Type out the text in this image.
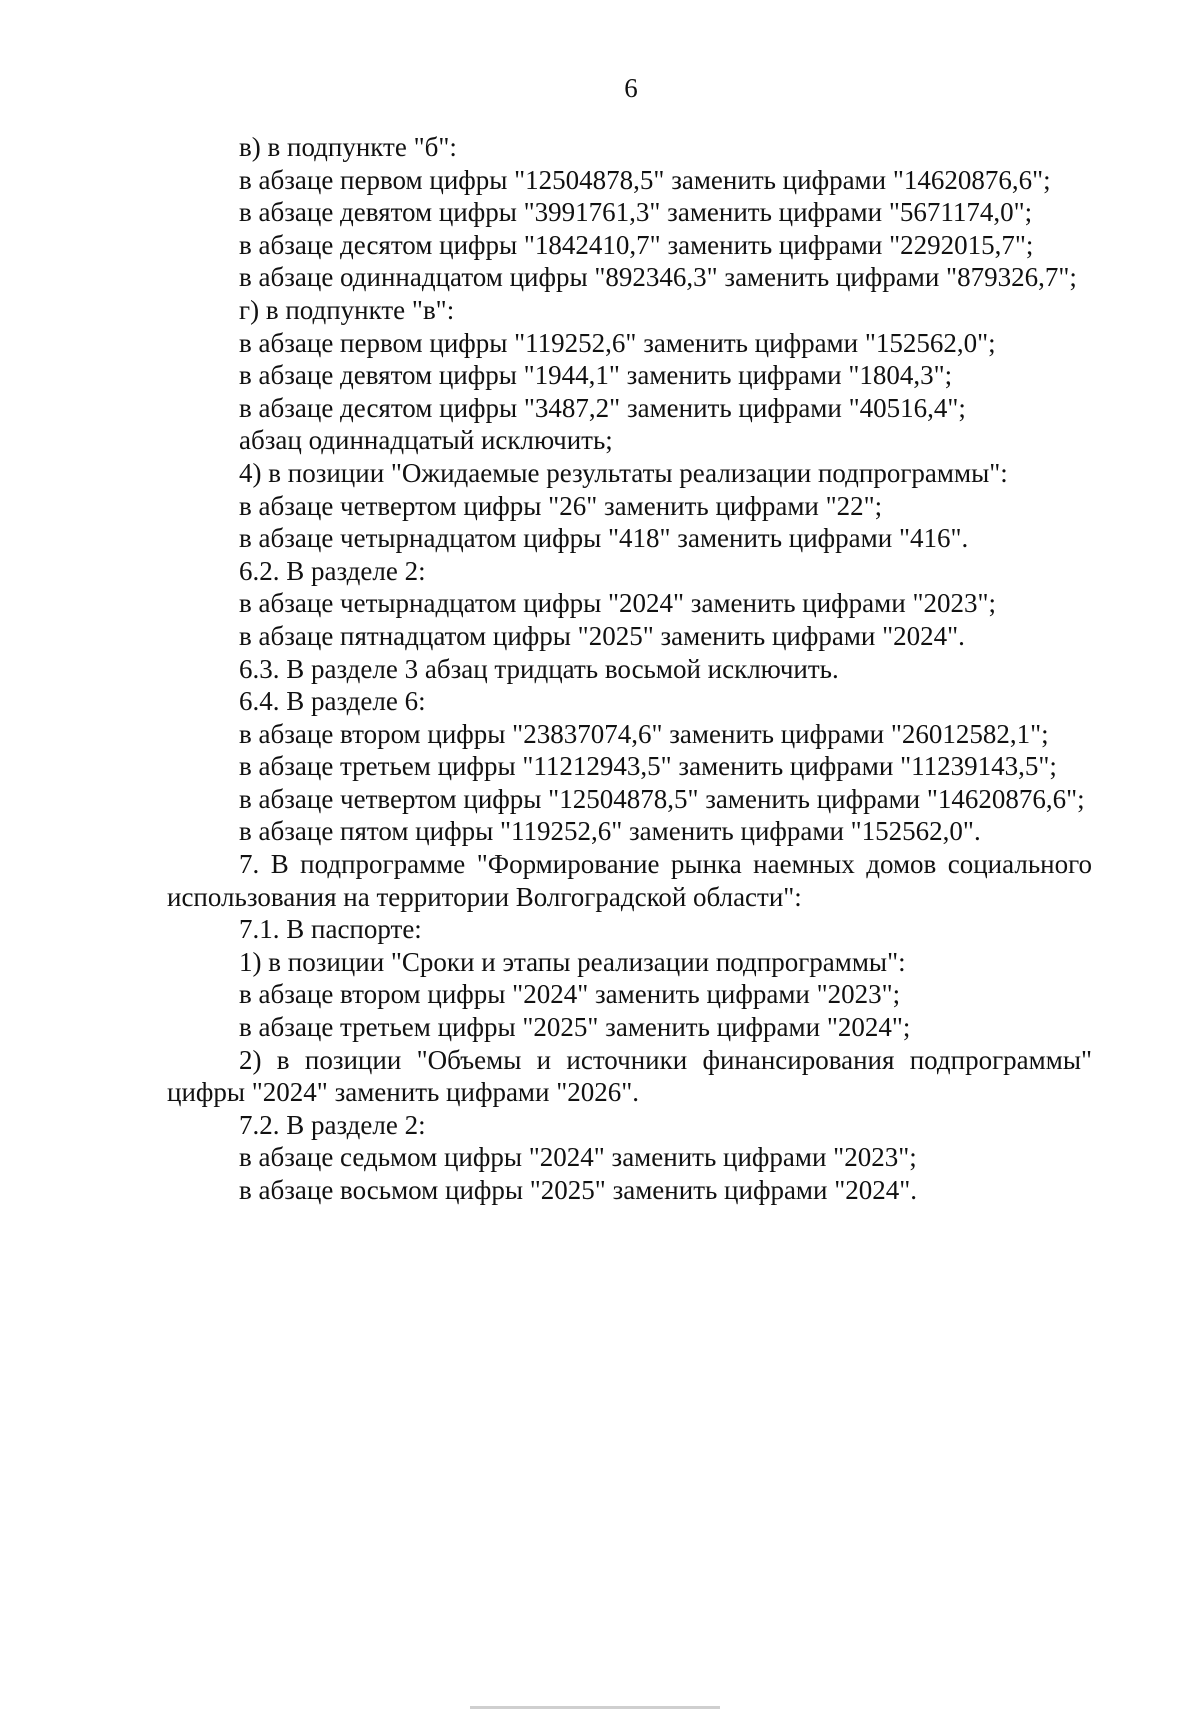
6

в) в подпункте "б":

в абзаце первом цифры "12504878,5" заменить цифрами "14620876,6";

в абзаце девятом цифры "3991761,3" заменить цифрами "5671174,0";

в абзаце десятом цифры "1842410,7" заменить цифрами "2292015,7";

в абзаце одиннадцатом цифры "892346,3" заменить цифрами "879326,7";

г) в подпункте "в":

в абзаце первом цифры "119252,6" заменить цифрами "152562,0";

в абзаце девятом цифры "1944,1" заменить цифрами "1804,3";

в абзаце десятом цифры "3487,2" заменить цифрами "40516,4";

абзац одиннадцатый исключить;

4) в позиции "Ожидаемые результаты реализации подпрограммы":

в абзаце четвертом цифры "26" заменить цифрами "22";

в абзаце четырнадцатом цифры "418" заменить цифрами "416".

6.2. В разделе 2:

в абзаце четырнадцатом цифры "2024" заменить цифрами "2023";

в абзаце пятнадцатом цифры "2025" заменить цифрами "2024".

6.3. В разделе 3 абзац тридцать восьмой исключить.

6.4. В разделе 6:

в абзаце втором цифры "23837074,6" заменить цифрами "26012582,1";

в абзаце третьем цифры "11212943,5" заменить цифрами "11239143,5";

в абзаце четвертом цифры "12504878,5" заменить цифрами "14620876,6";

в абзаце пятом цифры "119252,6" заменить цифрами "152562,0".

7. В подпрограмме "Формирование рынка наемных домов социального использования на территории Волгоградской области":

7.1. В паспорте:

1) в позиции "Сроки и этапы реализации подпрограммы":

в абзаце втором цифры "2024" заменить цифрами "2023";

в абзаце третьем цифры "2025" заменить цифрами "2024";

2) в позиции "Объемы и источники финансирования подпрограммы" цифры "2024" заменить цифрами "2026".

7.2. В разделе 2:

в абзаце седьмом цифры "2024" заменить цифрами "2023";

в абзаце восьмом цифры "2025" заменить цифрами "2024".
